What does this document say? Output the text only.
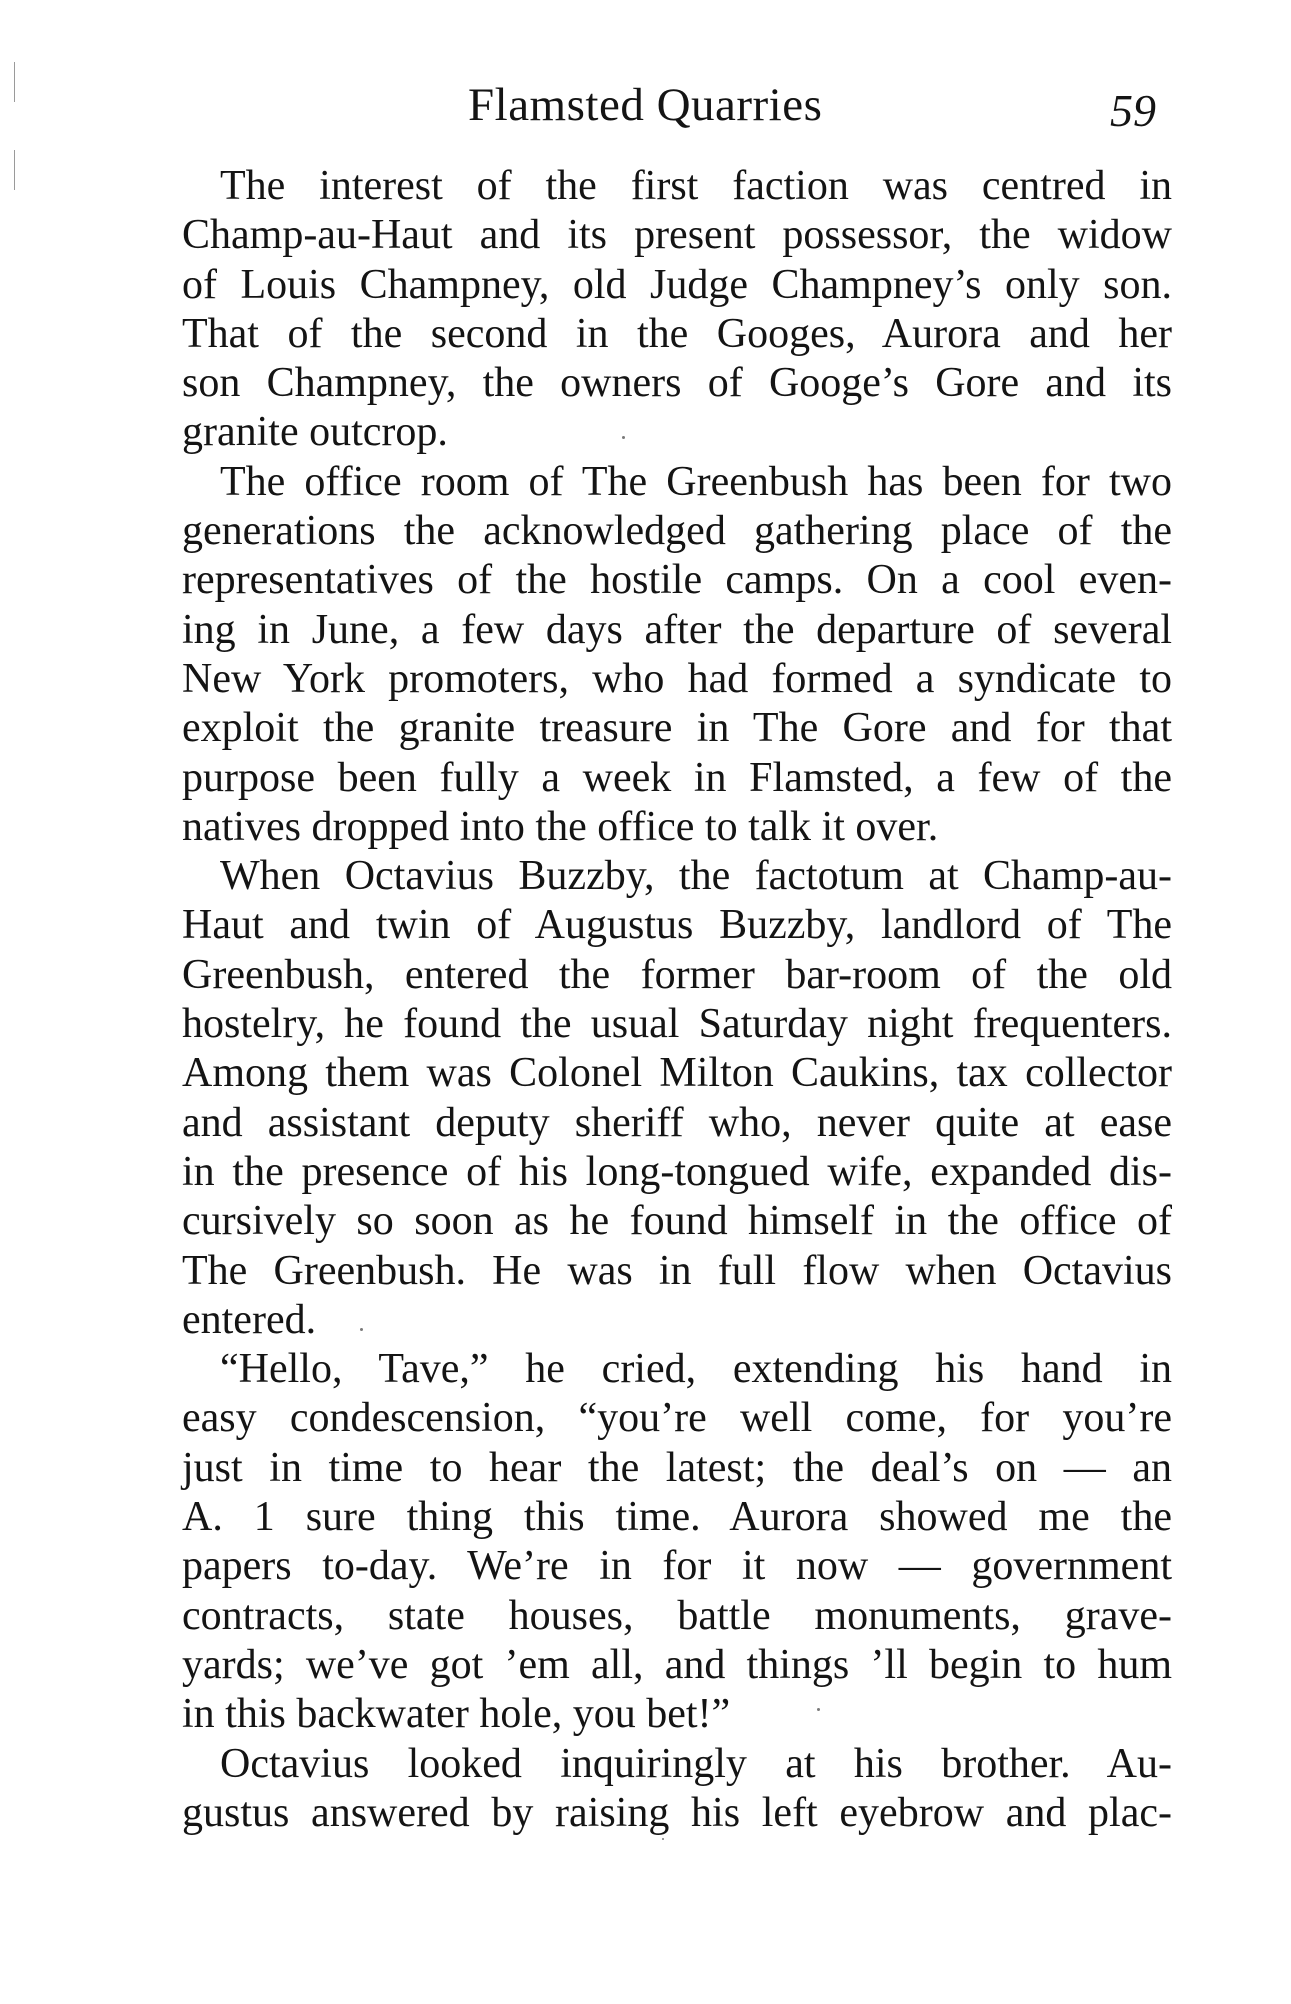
Flamsted Quarries	59
The interest of the first faction was centred in
Champ-au-Haut and its present possessor, the widow
of Louis Champney, old Judge Champney’s only son.
That of the second in the Googes, Aurora and her
son Champney, the owners of Googe’s Gore and its
granite outcrop.
The office room of The Greenbush has been for two
generations the acknowledged gathering place of the
representatives of the hostile camps. On a cool even-
ing in June, a few days after the departure of several
New York promoters, who had formed a syndicate to
exploit the granite treasure in The Gore and for that
purpose been fully a week in Flamsted, a few of the
natives dropped into the office to talk it over.
When Octavius Buzzby, the factotum at Champ-au-
Haut and twin of Augustus Buzzby, landlord of The
Greenbush, entered the former bar-room of the old
hostelry, he found the usual Saturday night frequenters.
Among them was Colonel Milton Caukins, tax collector
and assistant deputy sheriff who, never quite at ease
in the presence of his long-tongued wife, expanded dis-
cursively so soon as he found himself in the office of
The Greenbush. He was in full flow when Octavius
entered.
“Hello, Tave,” he cried, extending his hand in
easy condescension, “you’re well come, for you’re
just in time to hear the latest; the deal’s on — an
A. 1 sure thing this time. Aurora showed me the
papers to-day. We’re in for it now — government
contracts, state houses, battle monuments, grave-
yards; we’ve got ’em all, and things ’ll begin to hum
in this backwater hole, you bet!”
Octavius looked inquiringly at his brother. Au-
gustus answered by raising his left eyebrow and plac-
